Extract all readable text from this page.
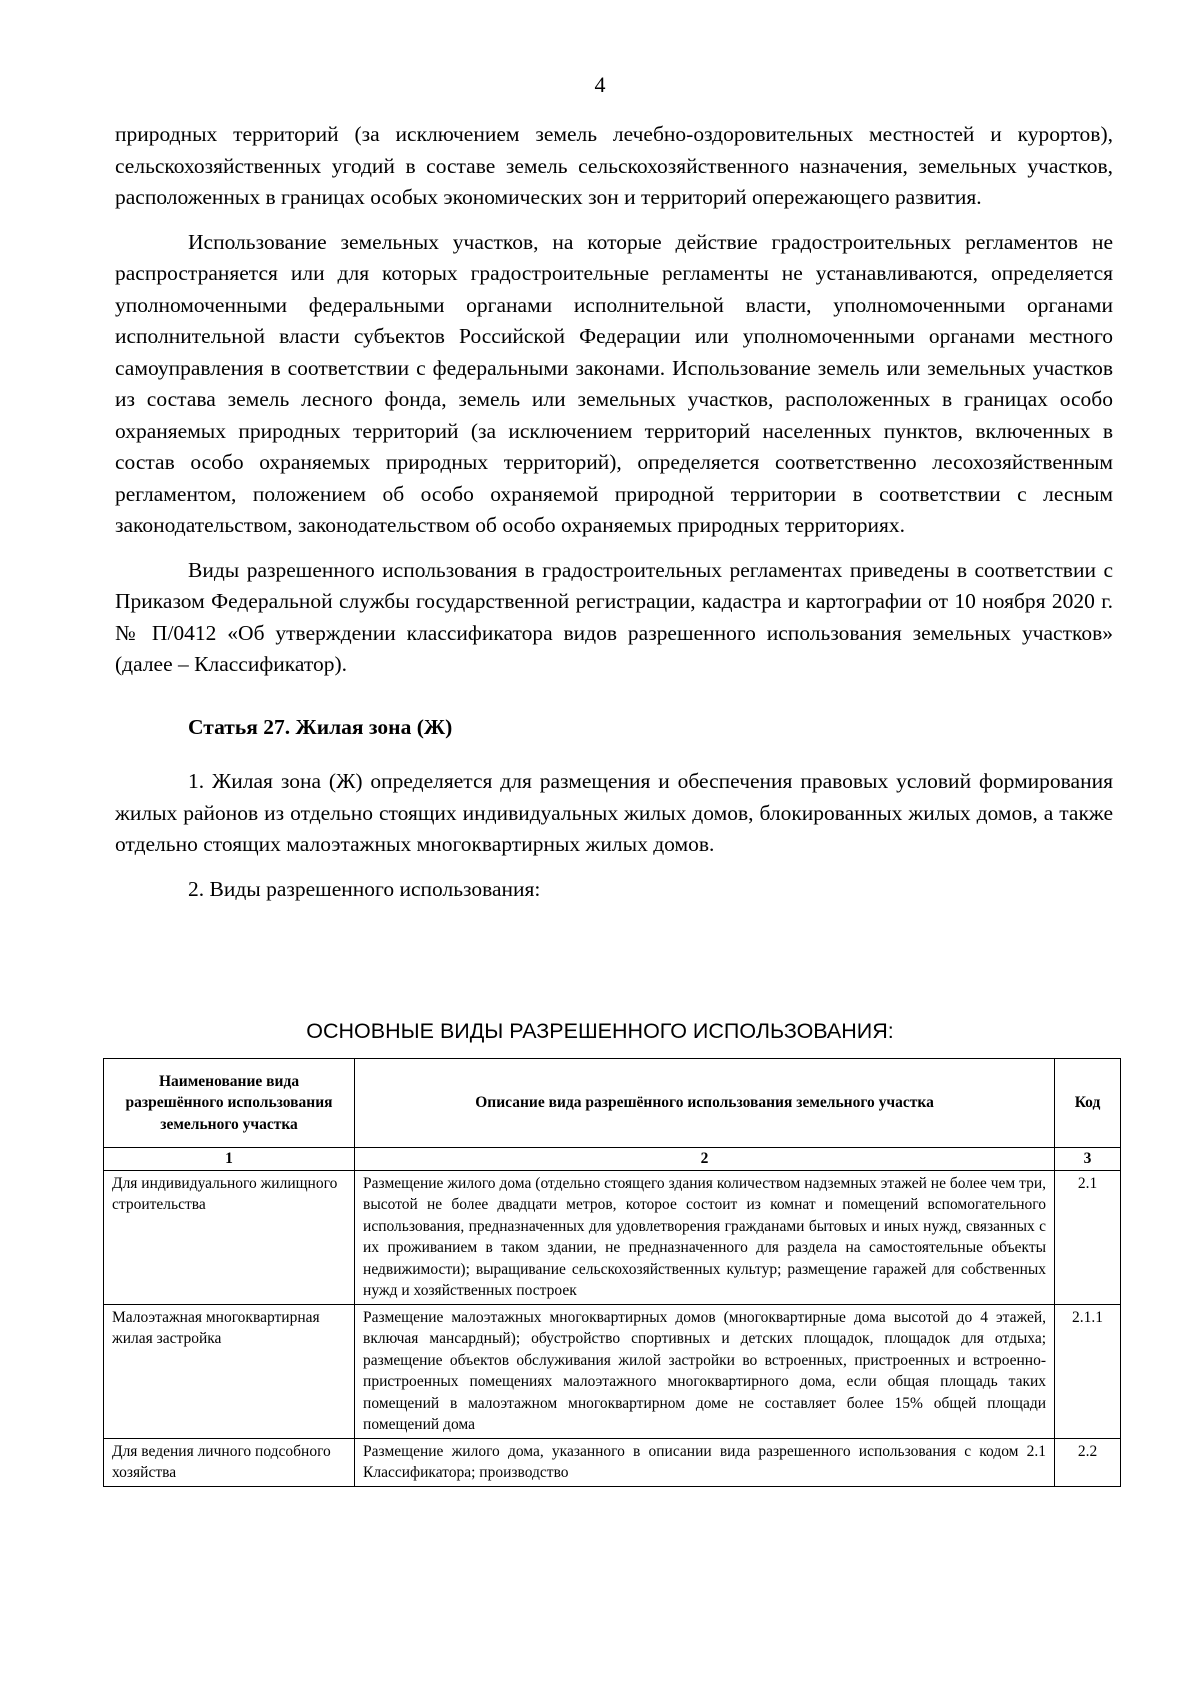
4

природных территорий (за исключением земель лечебно-оздоровительных местностей и курортов), сельскохозяйственных угодий в составе земель сельскохозяйственного назначения, земельных участков, расположенных в границах особых экономических зон и территорий опережающего развития.

Использование земельных участков, на которые действие градостроительных регламентов не распространяется или для которых градостроительные регламенты не устанавливаются, определяется уполномоченными федеральными органами исполнительной власти, уполномоченными органами исполнительной власти субъектов Российской Федерации или уполномоченными органами местного самоуправления в соответствии с федеральными законами. Использование земель или земельных участков из состава земель лесного фонда, земель или земельных участков, расположенных в границах особо охраняемых природных территорий (за исключением территорий населенных пунктов, включенных в состав особо охраняемых природных территорий), определяется соответственно лесохозяйственным регламентом, положением об особо охраняемой природной территории в соответствии с лесным законодательством, законодательством об особо охраняемых природных территориях.

Виды разрешенного использования в градостроительных регламентах приведены в соответствии с Приказом Федеральной службы государственной регистрации, кадастра и картографии от 10 ноября 2020 г. № П/0412 «Об утверждении классификатора видов разрешенного использования земельных участков» (далее – Классификатор).

Статья 27. Жилая зона (Ж)

1. Жилая зона (Ж) определяется для размещения и обеспечения правовых условий формирования жилых районов из отдельно стоящих индивидуальных жилых домов, блокированных жилых домов, а также отдельно стоящих малоэтажных многоквартирных жилых домов.

2. Виды разрешенного использования:

ОСНОВНЫЕ ВИДЫ РАЗРЕШЕННОГО ИСПОЛЬЗОВАНИЯ:
Наименование вида разрешённого использования земельного участка	Описание вида разрешённого использования земельного участка	Код
1	2	3
Для индивидуального жилищного строительства	Размещение жилого дома (отдельно стоящего здания количеством надземных этажей не более чем три, высотой не более двадцати метров, которое состоит из комнат и помещений вспомогательного использования, предназначенных для удовлетворения гражданами бытовых и иных нужд, связанных с их проживанием в таком здании, не предназначенного для раздела на самостоятельные объекты недвижимости); выращивание сельскохозяйственных культур; размещение гаражей для собственных нужд и хозяйственных построек	2.1
Малоэтажная многоквартирная жилая застройка	Размещение малоэтажных многоквартирных домов (многоквартирные дома высотой до 4 этажей, включая мансардный); обустройство спортивных и детских площадок, площадок для отдыха; размещение объектов обслуживания жилой застройки во встроенных, пристроенных и встроенно-пристроенных помещениях малоэтажного многоквартирного дома, если общая площадь таких помещений в малоэтажном многоквартирном доме не составляет более 15% общей площади помещений дома	2.1.1
Для ведения личного подсобного хозяйства	Размещение жилого дома, указанного в описании вида разрешенного использования с кодом 2.1 Классификатора; производство	2.2
